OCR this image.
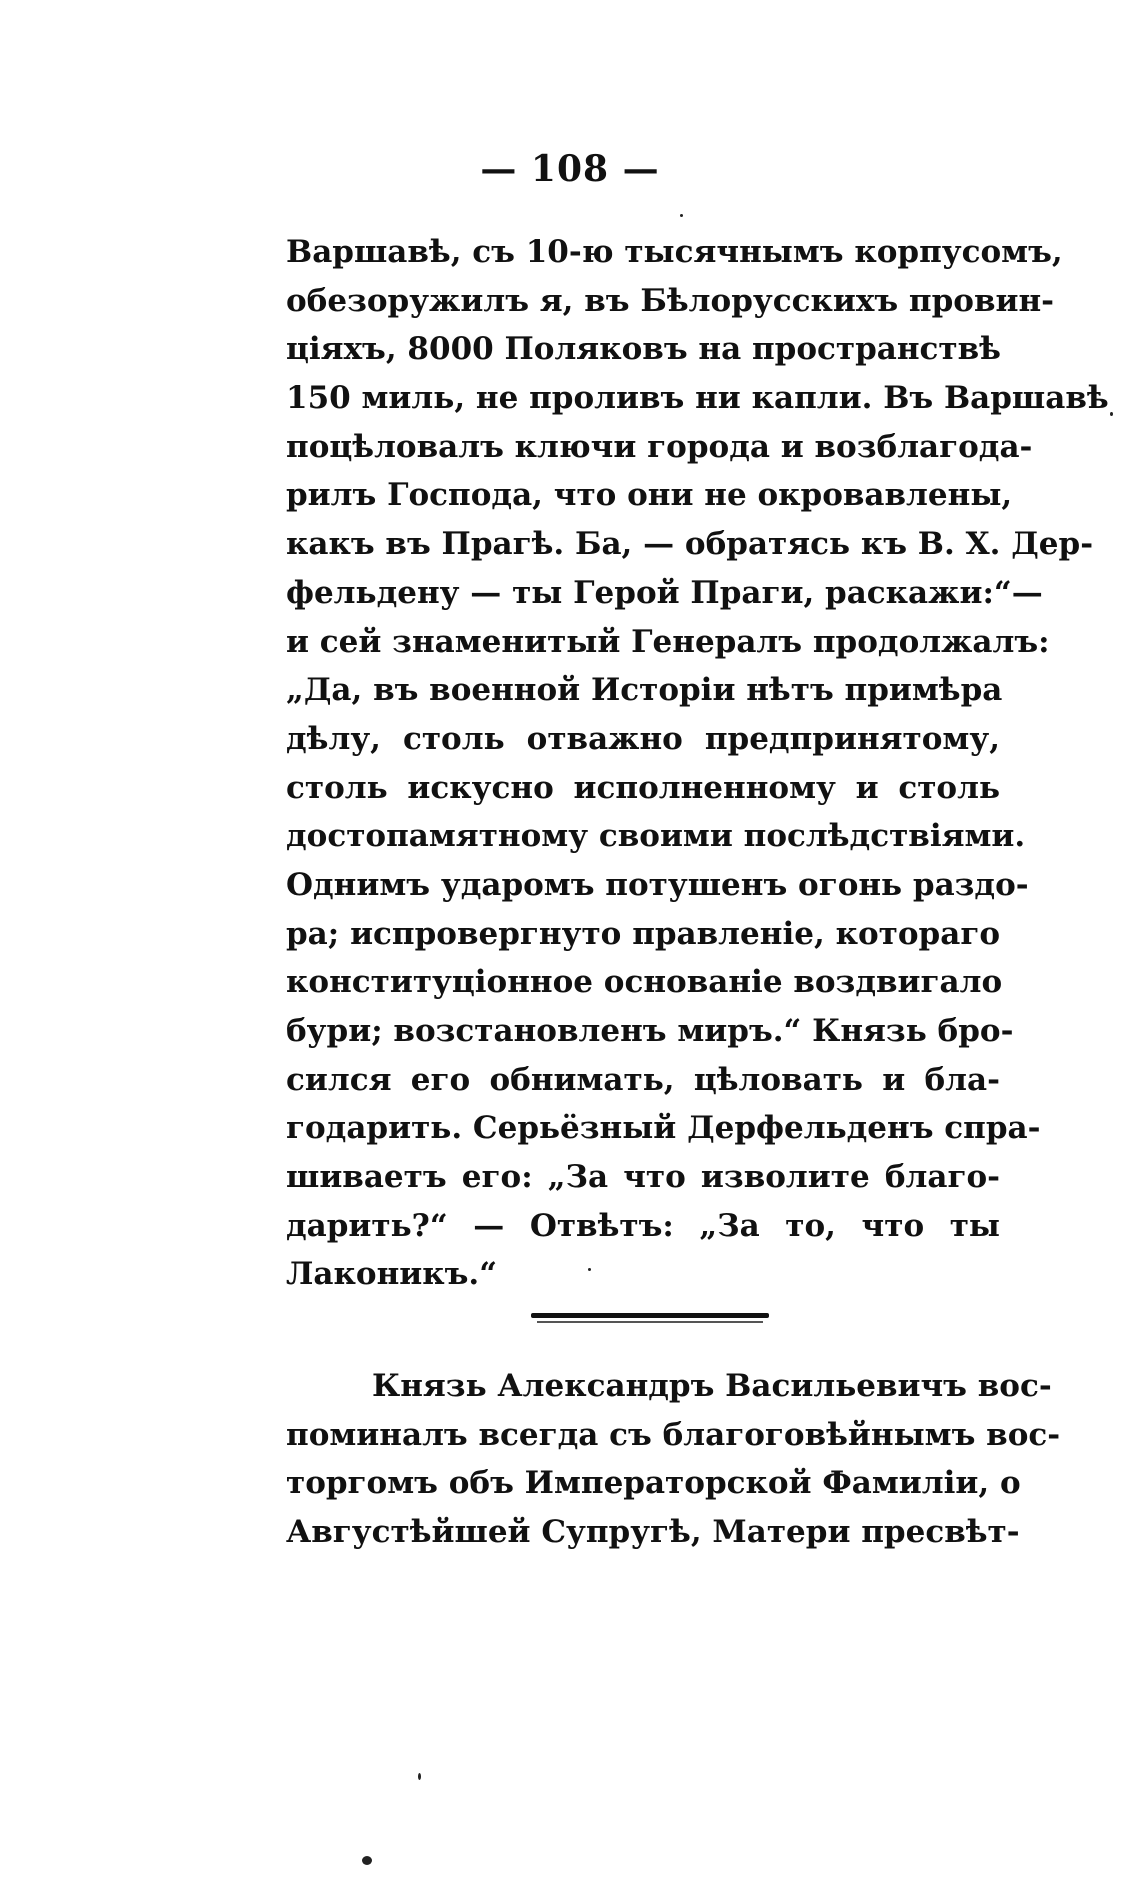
— 108 —
Варшавѣ, съ 10-ю тысячнымъ корпусомъ,
обезоружилъ я, въ Бѣлорусскихъ провин-
ціяхъ, 8000 Поляковъ на пространствѣ
150 миль, не проливъ ни капли. Въ Варшавѣ
поцѣловалъ ключи города и возблагода-
рилъ Господа, что они не окровавлены,
какъ въ Прагѣ. Ба, — обратясь къ В. Х. Дер-
фельдену — ты Герой Праги, раскажи:“—
и сей знаменитый Генералъ продолжалъ:
„Да, въ военной Исторіи нѣтъ примѣра
дѣлу, столь отважно предпринятому,
столь искусно исполненному и столь
достопамятному своими послѣдствіями.
Однимъ ударомъ потушенъ огонь раздо-
ра; испровергнуто правленіе, котораго
конституціонное основаніе воздвигало
бури; возстановленъ миръ.“ Князь бро-
сился его обнимать, цѣловать и бла-
годарить. Серьёзный Дерфельденъ спра-
шиваетъ его: „За что изволите благо-
дарить?“ — Отвѣтъ: „За то, что ты
Лаконикъ.“
Князь Александръ Васильевичъ вос-
поминалъ всегда съ благоговѣйнымъ вос-
торгомъ объ Императорской Фамиліи, о
Августѣйшей Супругѣ, Матери пресвѣт-
